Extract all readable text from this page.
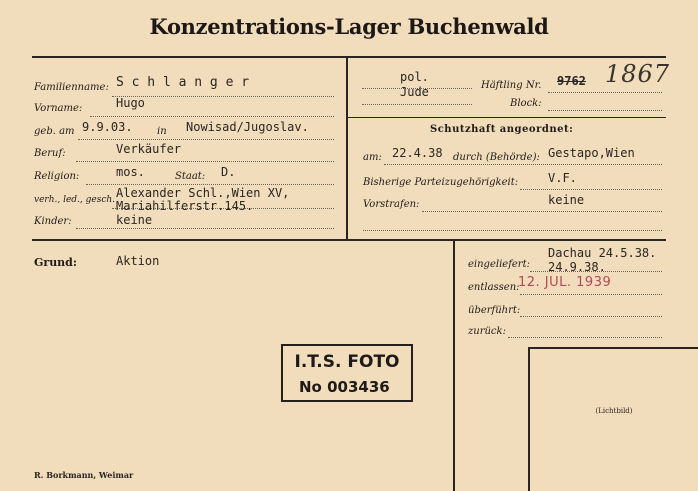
Konzentrations-Lager Buchenwald
Familienname: S c h l a n g e r
Vorname:	Hugo
geb. am 9.9.03. in Nowisad/Jugoslav.
Beruf:	Verkäufer
Religion:	mos.	Staat: D.
verh., led., gesch. Alexander Schl.,Wien XV,
Mariahilferstr.145.
Kinder:	keine
pol.
Jude	Häftling Nr. 9762 1867
Block:
Schutzhaft angeordnet:
am: 22.4.38 durch (Behörde): Gestapo,Wien
Bisherige Parteizugehörigkeit: V.F.
Vorstrafen:	keine
Grund:	Aktion	eingeliefert:
Dachau 24.5.38.
24.9.38.
entlassen:
12. JUL. 1939
überführt:
zurück:
I.T.S. FOTO
No 003436
(Lichtbild)
R. Borkmann, Weimar
